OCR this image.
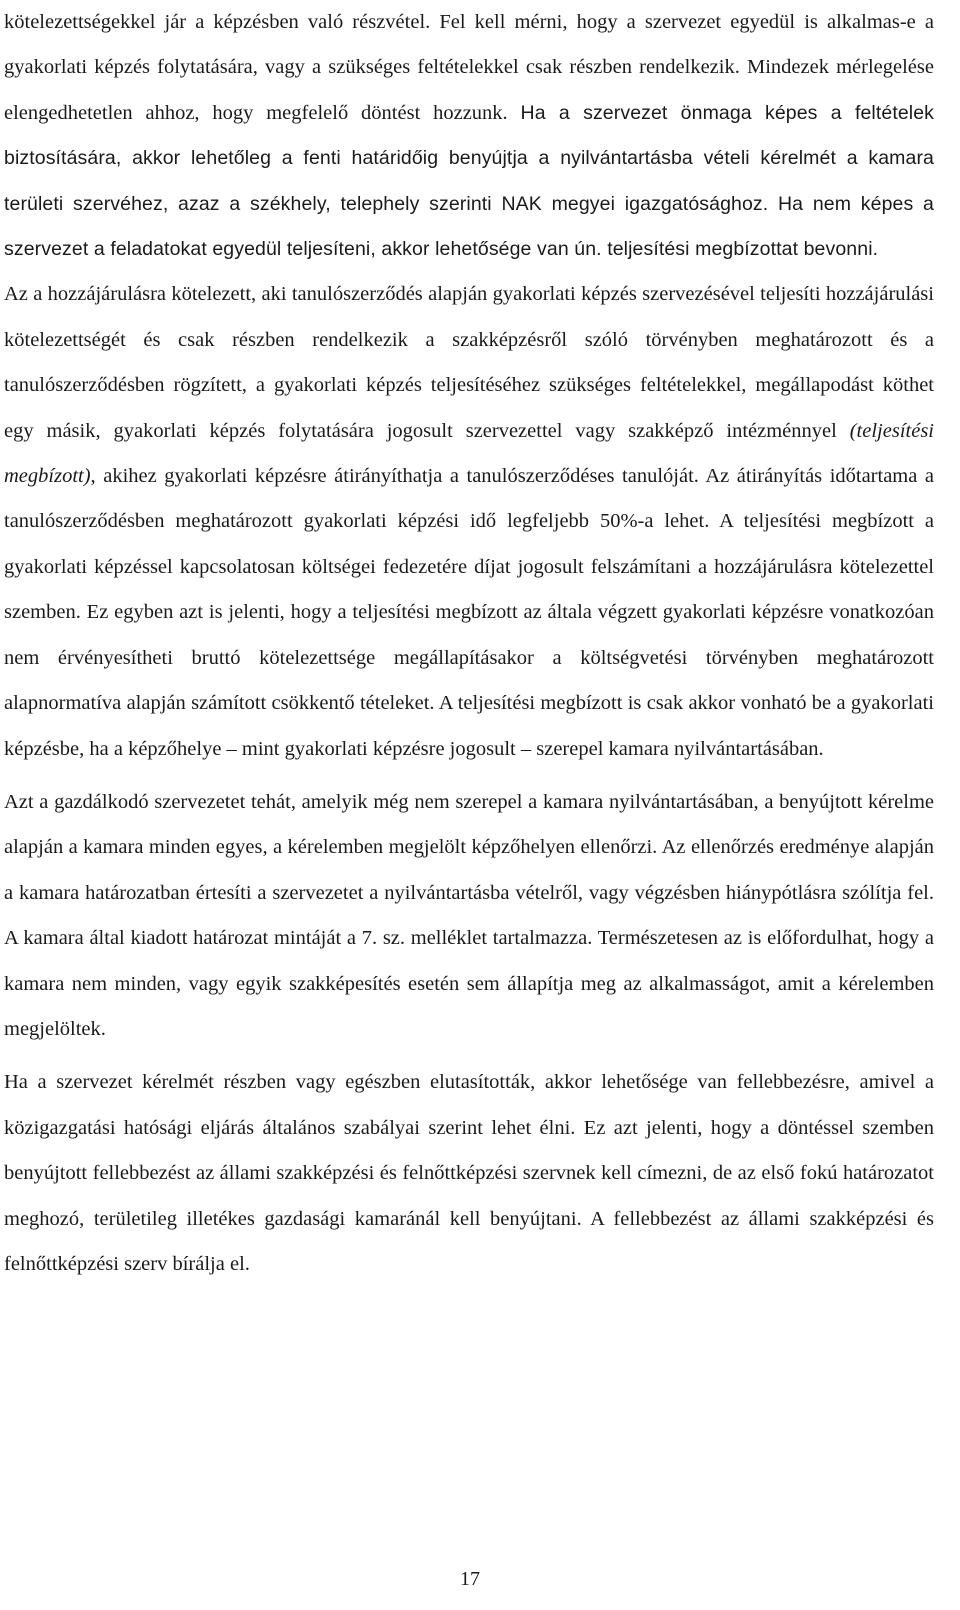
kötelezettségekkel jár a képzésben való részvétel. Fel kell mérni, hogy a szervezet egyedül is alkalmas-e a gyakorlati képzés folytatására, vagy a szükséges feltételekkel csak részben rendelkezik. Mindezek mérlegelése elengedhetetlen ahhoz, hogy megfelelő döntést hozzunk. Ha a szervezet önmaga képes a feltételek biztosítására, akkor lehetőleg a fenti határidőig benyújtja a nyilvántartásba vételi kérelmét a kamara területi szervéhez, azaz a székhely, telephely szerinti NAK megyei igazgatósághoz. Ha nem képes a szervezet a feladatokat egyedül teljesíteni, akkor lehetősége van ún. teljesítési megbízottat bevonni.

Az a hozzájárulásra kötelezett, aki tanulószerződés alapján gyakorlati képzés szervezésével teljesíti hozzájárulási kötelezettségét és csak részben rendelkezik a szakképzésről szóló törvényben meghatározott és a tanulószerződésben rögzített, a gyakorlati képzés teljesítéséhez szükséges feltételekkel, megállapodást köthet egy másik, gyakorlati képzés folytatására jogosult szervezettel vagy szakképző intézménnyel (teljesítési megbízott), akihez gyakorlati képzésre átirányíthatja a tanulószerződéses tanulóját. Az átirányítás időtartama a tanulószerződésben meghatározott gyakorlati képzési idő legfeljebb 50%-a lehet. A teljesítési megbízott a gyakorlati képzéssel kapcsolatosan költségei fedezetére díjat jogosult felszámítani a hozzájárulásra kötelezettel szemben. Ez egyben azt is jelenti, hogy a teljesítési megbízott az általa végzett gyakorlati képzésre vonatkozóan nem érvényesítheti bruttó kötelezettsége megállapításakor a költségvetési törvényben meghatározott alapnormatíva alapján számított csökkentő tételeket. A teljesítési megbízott is csak akkor vonható be a gyakorlati képzésbe, ha a képzőhelye – mint gyakorlati képzésre jogosult – szerepel kamara nyilvántartásában.

Azt a gazdálkodó szervezetet tehát, amelyik még nem szerepel a kamara nyilvántartásában, a benyújtott kérelme alapján a kamara minden egyes, a kérelemben megjelölt képzőhelyen ellenőrzi. Az ellenőrzés eredménye alapján a kamara határozatban értesíti a szervezetet a nyilvántartásba vételről, vagy végzésben hiánypótlásra szólítja fel. A kamara által kiadott határozat mintáját a 7. sz. melléklet tartalmazza. Természetesen az is előfordulhat, hogy a kamara nem minden, vagy egyik szakképesítés esetén sem állapítja meg az alkalmasságot, amit a kérelemben megjelöltek.

Ha a szervezet kérelmét részben vagy egészben elutasították, akkor lehetősége van fellebbezésre, amivel a közigazgatási hatósági eljárás általános szabályai szerint lehet élni. Ez azt jelenti, hogy a döntéssel szemben benyújtott fellebbezést az állami szakképzési és felnőttképzési szervnek kell címezni, de az első fokú határozatot meghozó, területileg illetékes gazdasági kamaránál kell benyújtani. A fellebbezést az állami szakképzési és felnőttképzési szerv bírálja el.

17
